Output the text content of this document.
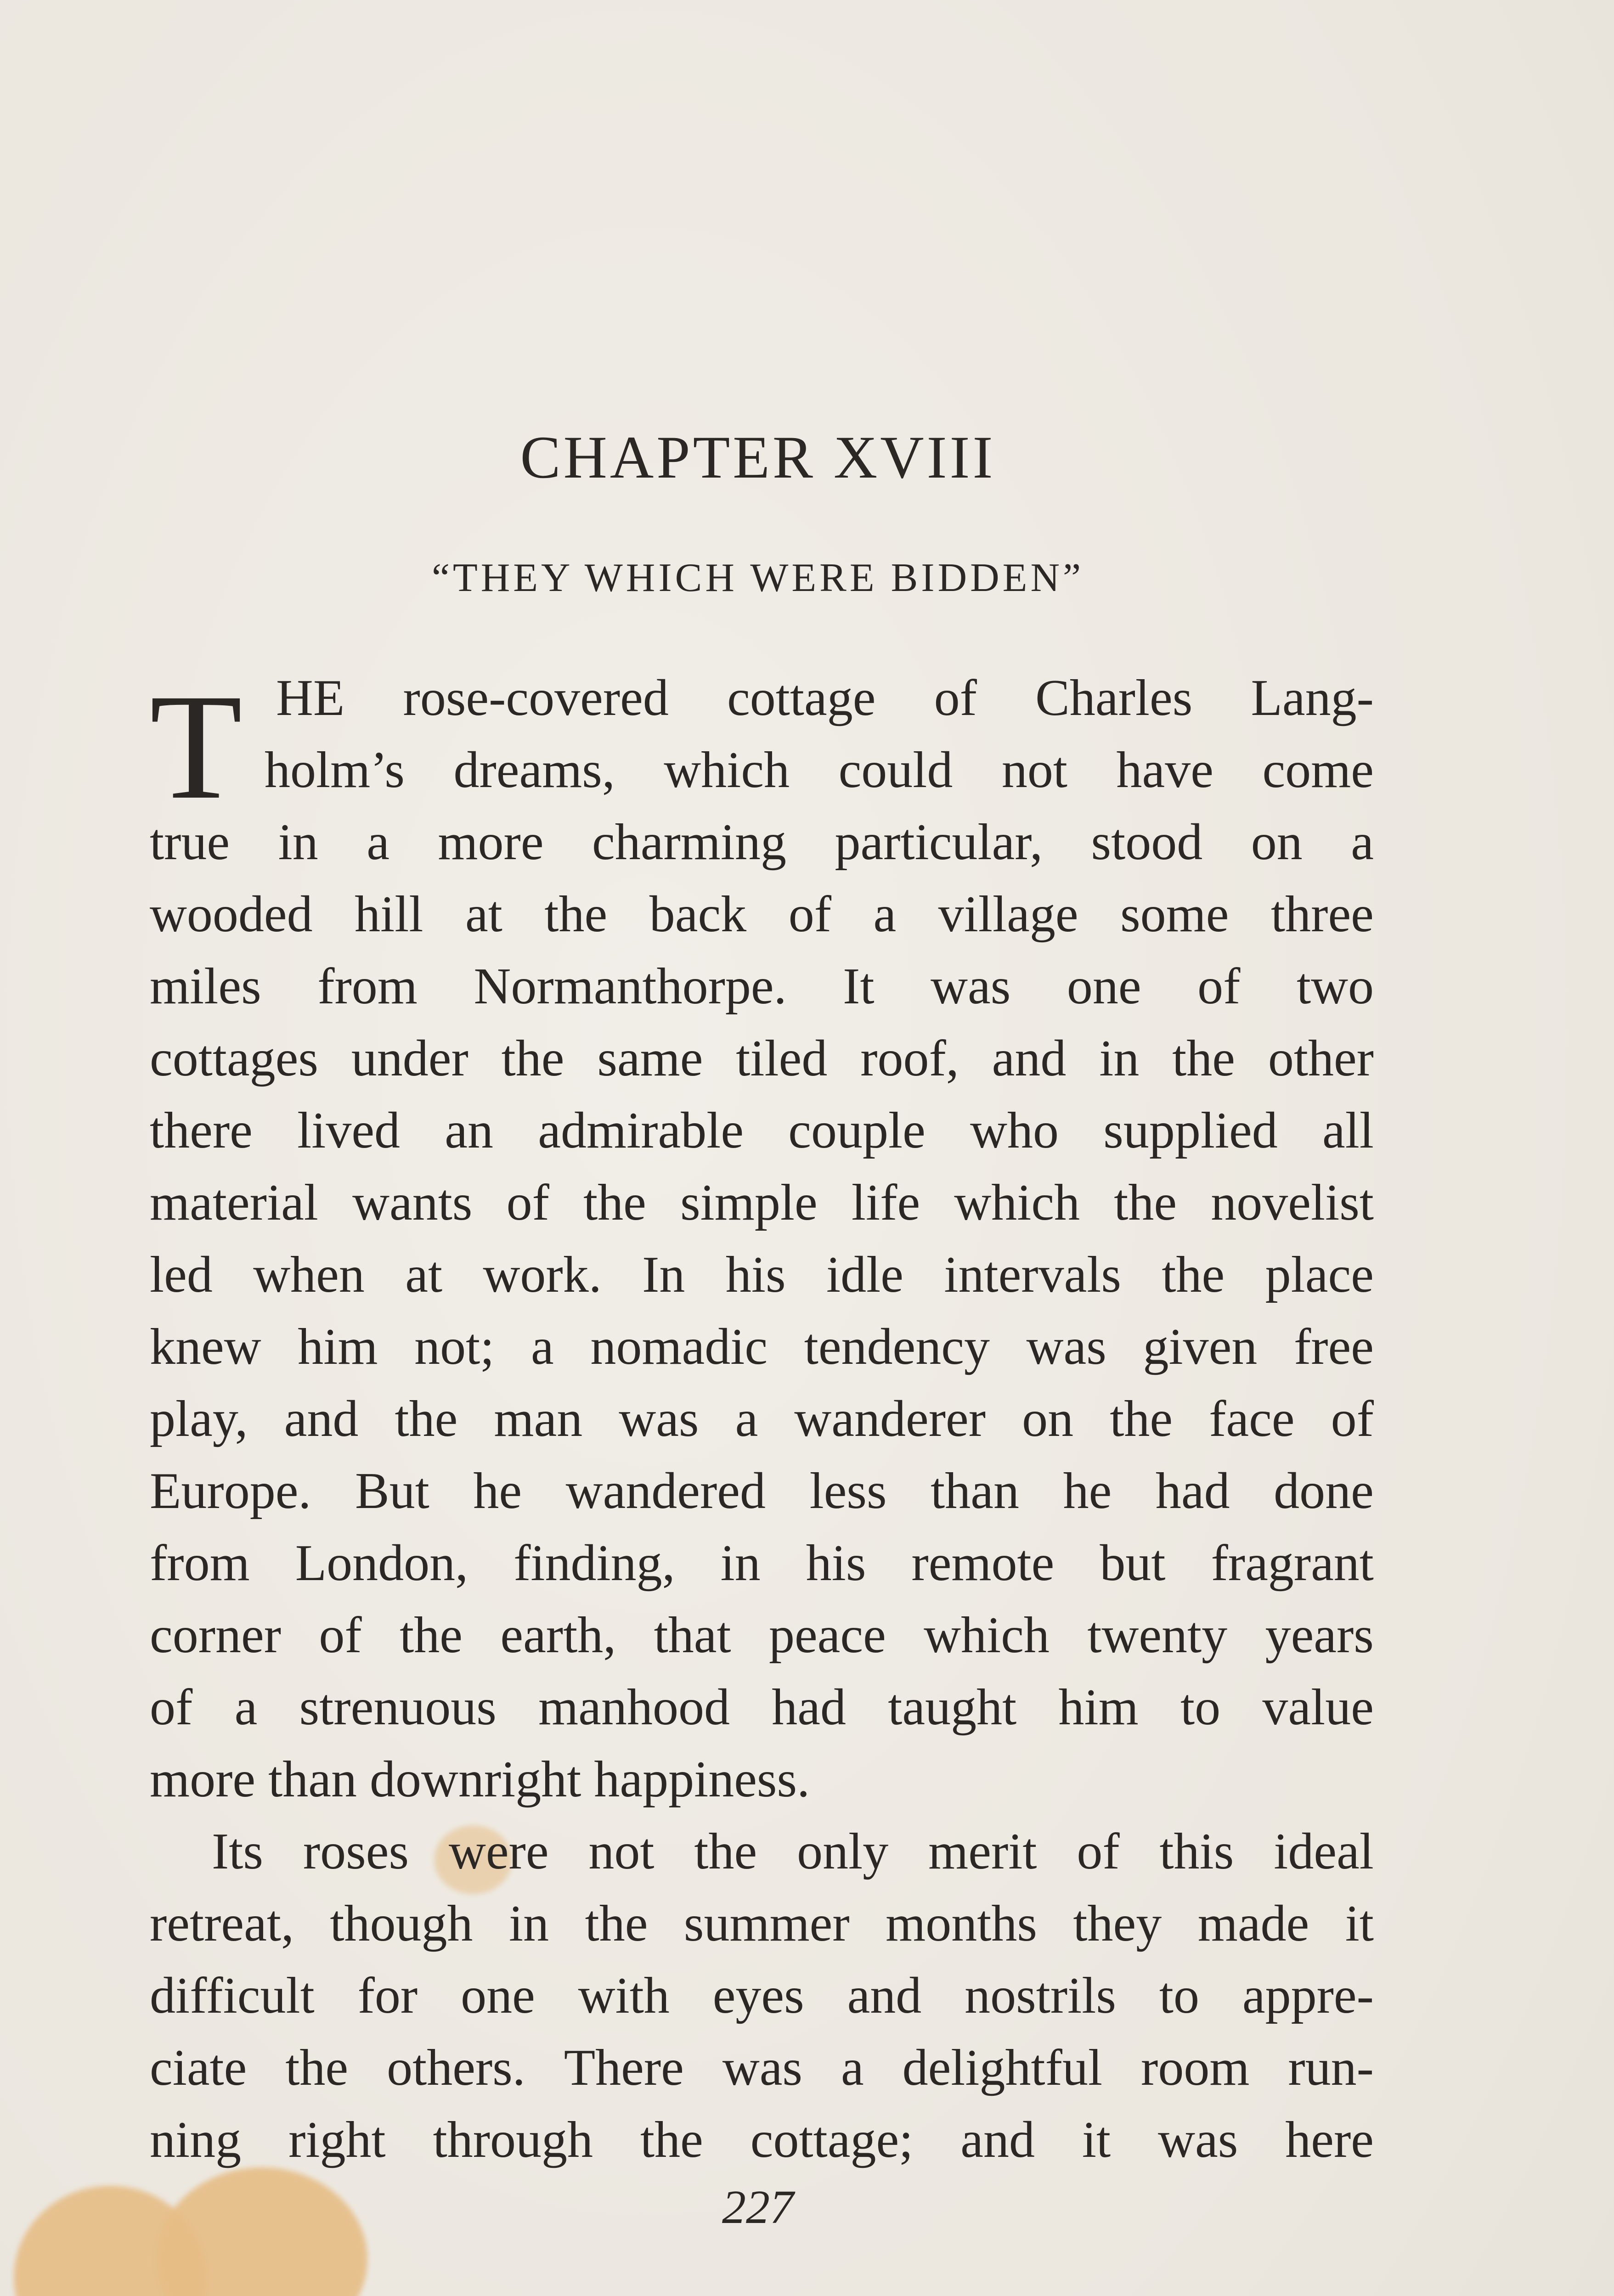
CHAPTER XVIII
“THEY WHICH WERE BIDDEN”
T HE rose-covered cottage of Charles Lang-
holm’s dreams, which could not have come
true in a more charming particular, stood on a
wooded hill at the back of a village some three
miles from Normanthorpe. It was one of two
cottages under the same tiled roof, and in the other
there lived an admirable couple who supplied all
material wants of the simple life which the novelist
led when at work. In his idle intervals the place
knew him not; a nomadic tendency was given free
play, and the man was a wanderer on the face of
Europe. But he wandered less than he had done
from London, finding, in his remote but fragrant
corner of the earth, that peace which twenty years
of a strenuous manhood had taught him to value
more than downright happiness.
Its roses were not the only merit of this ideal
retreat, though in the summer months they made it
difficult for one with eyes and nostrils to appre-
ciate the others. There was a delightful room run-
ning right through the cottage; and it was here
227
